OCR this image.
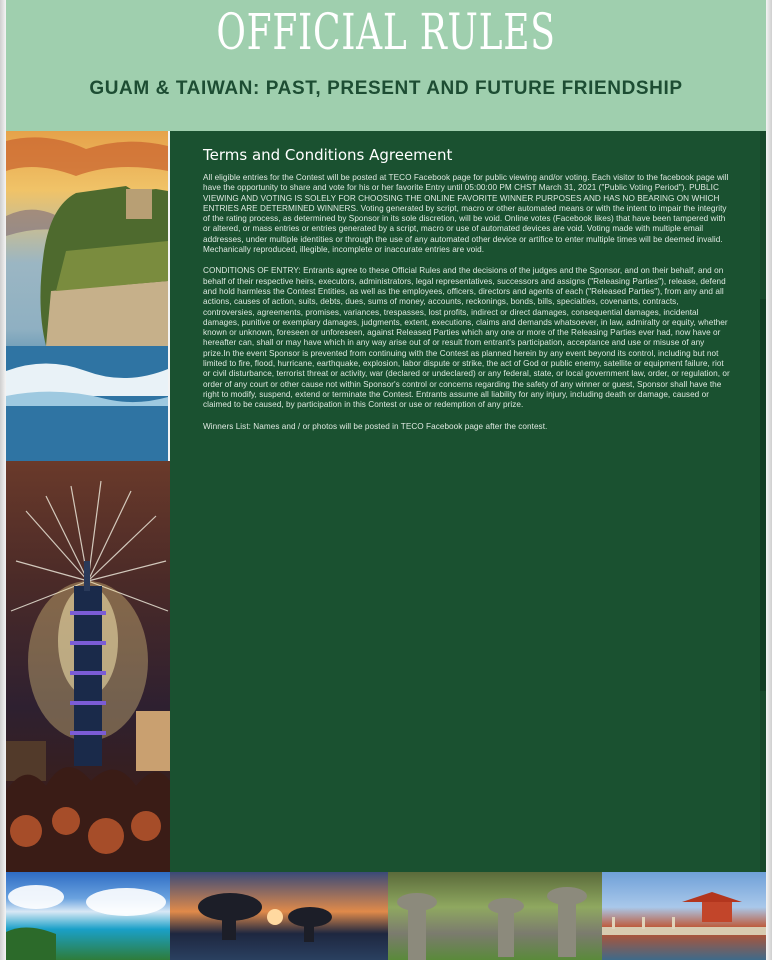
OFFICIAL RULES
GUAM & TAIWAN: PAST, PRESENT AND FUTURE FRIENDSHIP
Terms and Conditions Agreement

All eligible entries for the Contest will be posted at TECO Facebook page for public viewing and/or voting. Each visitor to the facebook page will have the opportunity to share and vote for his or her favorite Entry until 05:00:00 PM CHST March 31, 2021 ("Public Voting Period"). PUBLIC VIEWING AND VOTING IS SOLELY FOR CHOOSING THE ONLINE FAVORITE WINNER PURPOSES AND HAS NO BEARING ON WHICH ENTRIES ARE DETERMINED WINNERS. Voting generated by script, macro or other automated means or with the intent to impair the integrity of the rating process, as determined by Sponsor in its sole discretion, will be void. Online votes (Facebook likes) that have been tampered with or altered, or mass entries or entries generated by a script, macro or use of automated devices are void. Voting made with multiple email addresses, under multiple identities or through the use of any automated other device or artifice to enter multiple times will be deemed invalid. Mechanically reproduced, illegible, incomplete or inaccurate entries are void.

CONDITIONS OF ENTRY: Entrants agree to these Official Rules and the decisions of the judges and the Sponsor, and on their behalf, and on behalf of their respective heirs, executors, administrators, legal representatives, successors and assigns ("Releasing Parties"), release, defend and hold harmless the Contest Entities, as well as the employees, officers, directors and agents of each ("Released Parties"), from any and all actions, causes of action, suits, debts, dues, sums of money, accounts, reckonings, bonds, bills, specialties, covenants, contracts, controversies, agreements, promises, variances, trespasses, lost profits, indirect or direct damages, consequential damages, incidental damages, punitive or exemplary damages, judgments, extent, executions, claims and demands whatsoever, in law, admiralty or equity, whether known or unknown, foreseen or unforeseen, against Released Parties which any one or more of the Releasing Parties ever had, now have or hereafter can, shall or may have which in any way arise out of or result from entrant's participation, acceptance and use or misuse of any prize.In the event Sponsor is prevented from continuing with the Contest as planned herein by any event beyond its control, including but not limited to fire, flood, hurricane, earthquake, explosion, labor dispute or strike, the act of God or public enemy, satellite or equipment failure, riot or civil disturbance, terrorist threat or activity, war (declared or undeclared) or any federal, state, or local government law, order, or regulation, or order of any court or other cause not within Sponsor's control or concerns regarding the safety of any winner or guest, Sponsor shall have the right to modify, suspend, extend or terminate the Contest. Entrants assume all liability for any injury, including death or damage, caused or claimed to be caused, by participation in this Contest or use or redemption of any prize.

Winners List: Names and / or photos will be posted in TECO Facebook page after the contest.
